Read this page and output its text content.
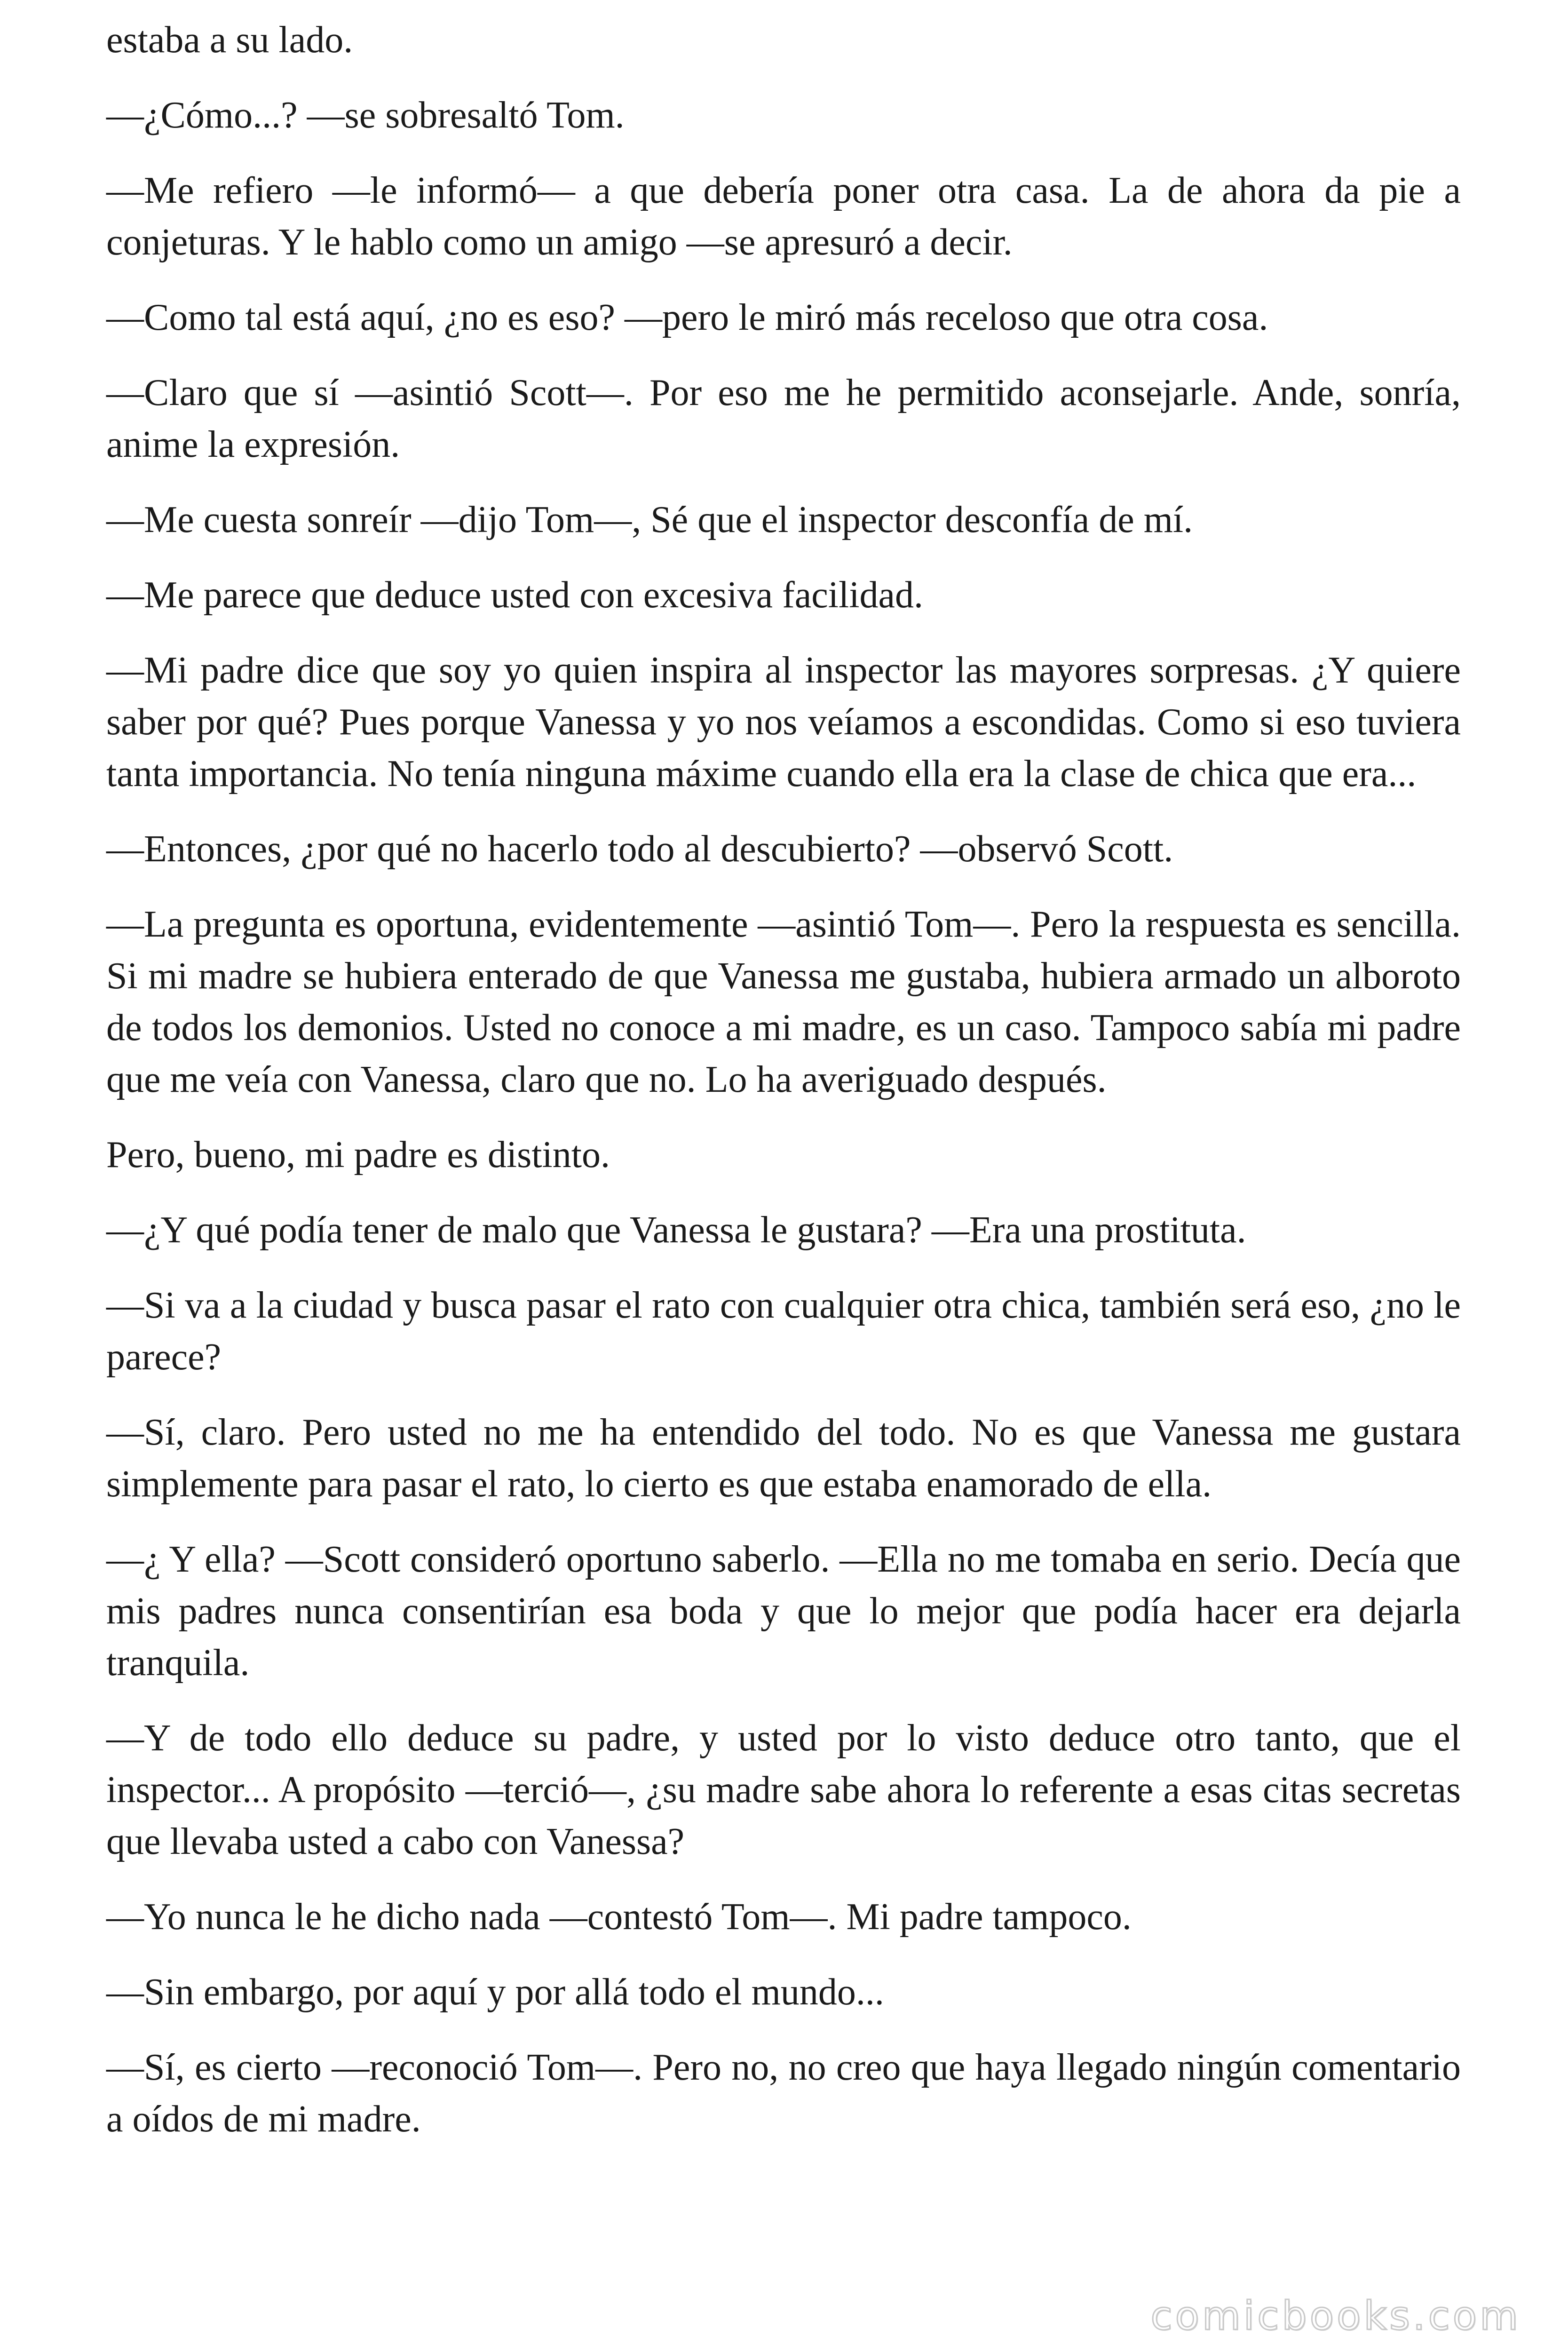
estaba a su lado.

—¿Cómo...? —se sobresaltó Tom.

—Me refiero —le informó— a que debería poner otra casa. La de ahora da pie a conjeturas. Y le hablo como un amigo —se apresuró a decir.

—Como tal está aquí, ¿no es eso? —pero le miró más receloso que otra cosa.

—Claro que sí —asintió Scott—. Por eso me he permitido aconsejarle. Ande, sonría, anime la expresión.

—Me cuesta sonreír —dijo Tom—, Sé que el inspector desconfía de mí.

—Me parece que deduce usted con excesiva facilidad.

—Mi padre dice que soy yo quien inspira al inspector las mayores sorpresas. ¿Y quiere saber por qué? Pues porque Vanessa y yo nos veíamos a escondidas. Como si eso tuviera tanta importancia. No tenía ninguna máxime cuando ella era la clase de chica que era...

—Entonces, ¿por qué no hacerlo todo al descubierto? —observó Scott.

—La pregunta es oportuna, evidentemente —asintió Tom—. Pero la respuesta es sencilla. Si mi madre se hubiera enterado de que Vanessa me gustaba, hubiera armado un alboroto de todos los demonios. Usted no conoce a mi madre, es un caso. Tampoco sabía mi padre que me veía con Vanessa, claro que no. Lo ha averiguado después.

Pero, bueno, mi padre es distinto.

—¿Y qué podía tener de malo que Vanessa le gustara? —Era una prostituta.

—Si va a la ciudad y busca pasar el rato con cualquier otra chica, también será eso, ¿no le parece?

—Sí, claro. Pero usted no me ha entendido del todo. No es que Vanessa me gustara simplemente para pasar el rato, lo cierto es que estaba enamorado de ella.

—¿ Y ella? —Scott consideró oportuno saberlo. —Ella no me tomaba en serio. Decía que mis padres nunca consentirían esa boda y que lo mejor que podía hacer era dejarla tranquila.

—Y de todo ello deduce su padre, y usted por lo visto deduce otro tanto, que el inspector... A propósito —terció—, ¿su madre sabe ahora lo referente a esas citas secretas que llevaba usted a cabo con Vanessa?

—Yo nunca le he dicho nada —contestó Tom—. Mi padre tampoco.

—Sin embargo, por aquí y por allá todo el mundo...

—Sí, es cierto —reconoció Tom—. Pero no, no creo que haya llegado ningún comentario a oídos de mi madre.

comicbooks.com
